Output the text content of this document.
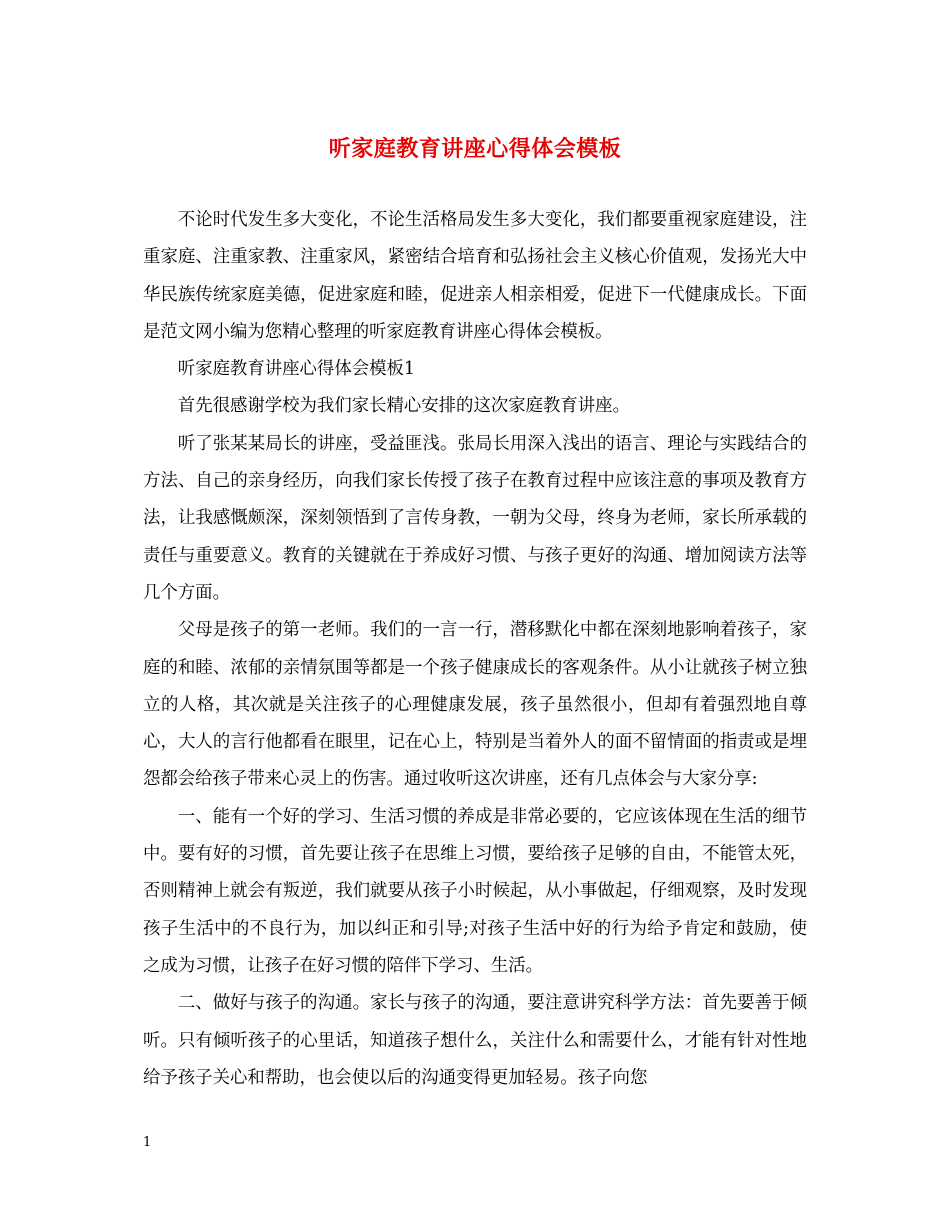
听家庭教育讲座心得体会模板

不论时代发生多大变化，不论生活格局发生多大变化，我们都要重视家庭建设，注重家庭、注重家教、注重家风，紧密结合培育和弘扬社会主义核心价值观，发扬光大中华民族传统家庭美德，促进家庭和睦，促进亲人相亲相爱，促进下一代健康成长。下面是范文网小编为您精心整理的听家庭教育讲座心得体会模板。

听家庭教育讲座心得体会模板1

首先很感谢学校为我们家长精心安排的这次家庭教育讲座。

听了张某某局长的讲座，受益匪浅。张局长用深入浅出的语言、理论与实践结合的方法、自己的亲身经历，向我们家长传授了孩子在教育过程中应该注意的事项及教育方法，让我感慨颇深，深刻领悟到了言传身教，一朝为父母，终身为老师，家长所承载的责任与重要意义。教育的关键就在于养成好习惯、与孩子更好的沟通、增加阅读方法等几个方面。

父母是孩子的第一老师。我们的一言一行，潜移默化中都在深刻地影响着孩子，家庭的和睦、浓郁的亲情氛围等都是一个孩子健康成长的客观条件。从小让就孩子树立独立的人格，其次就是关注孩子的心理健康发展，孩子虽然很小，但却有着强烈地自尊心，大人的言行他都看在眼里，记在心上，特别是当着外人的面不留情面的指责或是埋怨都会给孩子带来心灵上的伤害。通过收听这次讲座，还有几点体会与大家分享:

一、能有一个好的学习、生活习惯的养成是非常必要的，它应该体现在生活的细节中。要有好的习惯，首先要让孩子在思维上习惯，要给孩子足够的自由，不能管太死，否则精神上就会有叛逆，我们就要从孩子小时候起，从小事做起，仔细观察，及时发现孩子生活中的不良行为，加以纠正和引导;对孩子生活中好的行为给予肯定和鼓励，使之成为习惯，让孩子在好习惯的陪伴下学习、生活。

二、做好与孩子的沟通。家长与孩子的沟通，要注意讲究科学方法：首先要善于倾听。只有倾听孩子的心里话，知道孩子想什么，关注什么和需要什么，才能有针对性地给予孩子关心和帮助，也会使以后的沟通变得更加轻易。孩子向您

1
